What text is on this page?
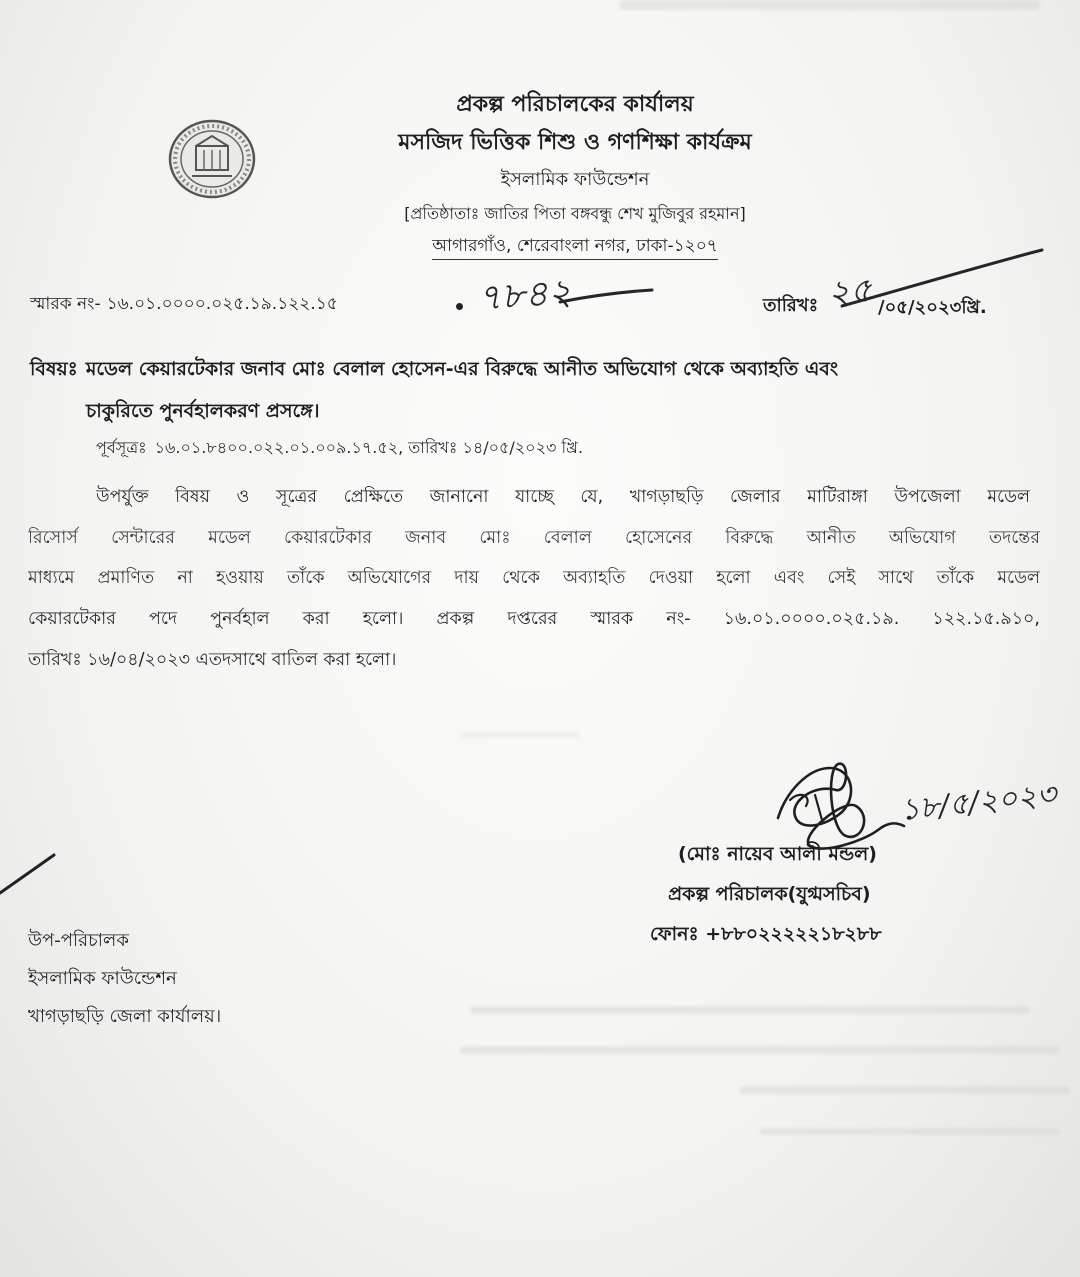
প্রকল্প পরিচালকের কার্যালয়
মসজিদ ভিত্তিক শিশু ও গণশিক্ষা কার্যক্রম
ইসলামিক ফাউন্ডেশন
[প্রতিষ্ঠাতাঃ জাতির পিতা বঙ্গবন্ধু শেখ মুজিবুর রহমান]
আগারগাঁও, শেরেবাংলা নগর, ঢাকা-১২০৭
স্মারক নং- ১৬.০১.০০০০.০২৫.১৯.১২২.১৫	৭৮৪২	তারিখঃ ২৫ /০৫/২০২৩খ্রি.
বিষয়ঃ মডেল কেয়ারটেকার জনাব মোঃ বেলাল হোসেন-এর বিরুদ্ধে আনীত অভিযোগ থেকে অব্যাহতি এবং
চাকুরিতে পুনর্বহালকরণ প্রসঙ্গে।
পূর্বসূত্রঃ ১৬.০১.৮৪০০.০২২.০১.০০৯.১৭.৫২, তারিখঃ ১৪/০৫/২০২৩ খ্রি.
উপর্যুক্ত বিষয় ও সূত্রের প্রেক্ষিতে জানানো যাচ্ছে যে, খাগড়াছড়ি জেলার মাটিরাঙ্গা উপজেলা মডেল
রিসোর্স সেন্টারের মডেল কেয়ারটেকার জনাব মোঃ বেলাল হোসেনের বিরুদ্ধে আনীত অভিযোগ তদন্তের
মাধ্যমে প্রমাণিত না হওয়ায় তাঁকে অভিযোগের দায় থেকে অব্যাহতি দেওয়া হলো এবং সেই সাথে তাঁকে মডেল
কেয়ারটেকার পদে পুনর্বহাল করা হলো। প্রকল্প দপ্তরের স্মারক নং- ১৬.০১.০০০০.০২৫.১৯. ১২২.১৫.৯১০,
তারিখঃ ১৬/০৪/২০২৩ এতদসাথে বাতিল করা হলো।
১৮/৫/২০২৩
(মোঃ নায়েব আলী মন্ডল)
প্রকল্প পরিচালক(যুগ্মসচিব)
ফোনঃ +৮৮০২২২২২১৮২৮৮
উপ-পরিচালক
ইসলামিক ফাউন্ডেশন
খাগড়াছড়ি জেলা কার্যালয়।
